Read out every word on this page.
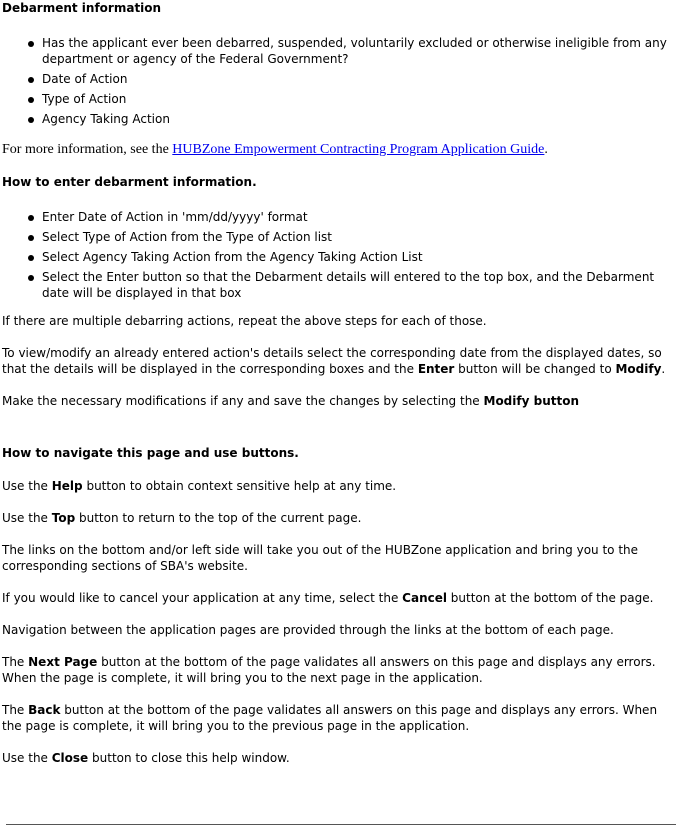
Debarment information

Has the applicant ever been debarred, suspended, voluntarily excluded or otherwise ineligible from any department or agency of the Federal Government?
Date of Action
Type of Action
Agency Taking Action

For more information, see the HUBZone Empowerment Contracting Program Application Guide.

How to enter debarment information.

Enter Date of Action in 'mm/dd/yyyy' format
Select Type of Action from the Type of Action list
Select Agency Taking Action from the Agency Taking Action List
Select the Enter button so that the Debarment details will entered to the top box, and the Debarment date will be displayed in that box

If there are multiple debarring actions, repeat the above steps for each of those.

To view/modify an already entered action's details select the corresponding date from the displayed dates, so that the details will be displayed in the corresponding boxes and the Enter button will be changed to Modify.

Make the necessary modifications if any and save the changes by selecting the Modify button

How to navigate this page and use buttons.

Use the Help button to obtain context sensitive help at any time.

Use the Top button to return to the top of the current page.

The links on the bottom and/or left side will take you out of the HUBZone application and bring you to the corresponding sections of SBA's website.

If you would like to cancel your application at any time, select the Cancel button at the bottom of the page.

Navigation between the application pages are provided through the links at the bottom of each page.

The Next Page button at the bottom of the page validates all answers on this page and displays any errors. When the page is complete, it will bring you to the next page in the application.

The Back button at the bottom of the page validates all answers on this page and displays any errors. When the page is complete, it will bring you to the previous page in the application.

Use the Close button to close this help window.
